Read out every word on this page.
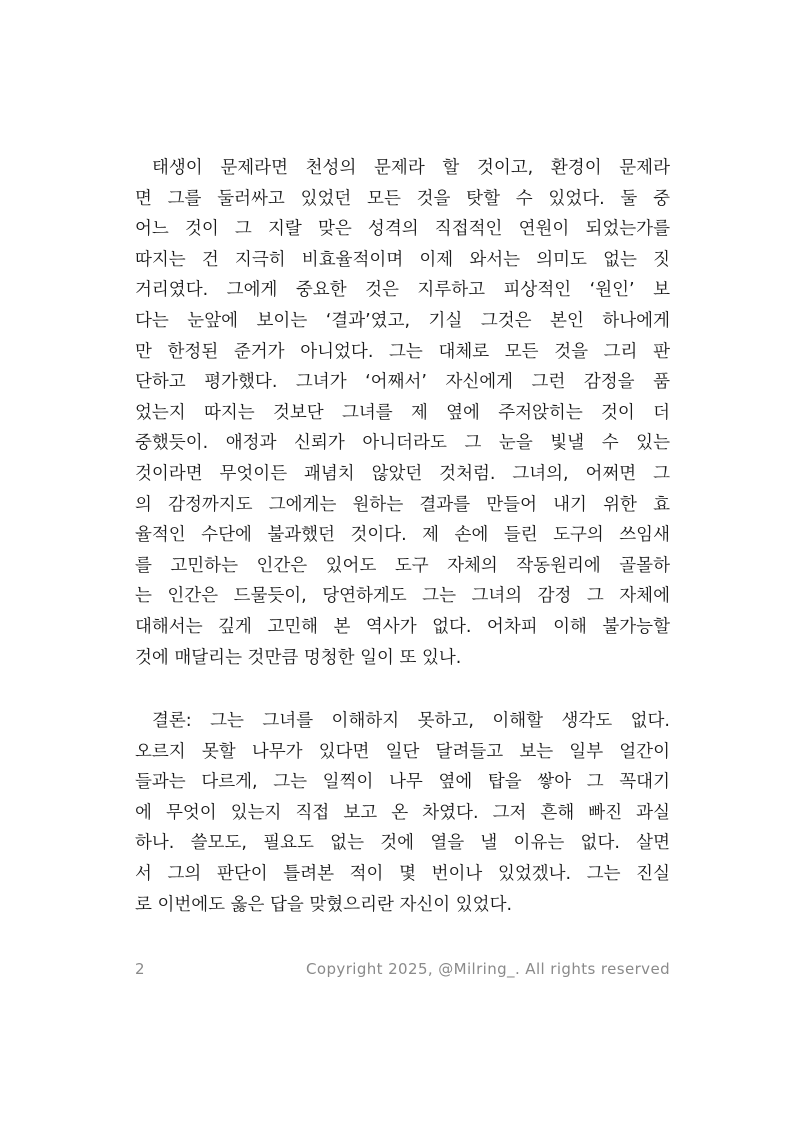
태생이 문제라면 천성의 문제라 할 것이고, 환경이 문제라
면 그를 둘러싸고 있었던 모든 것을 탓할 수 있었다. 둘 중
어느 것이 그 지랄 맞은 성격의 직접적인 연원이 되었는가를
따지는 건 지극히 비효율적이며 이제 와서는 의미도 없는 짓
거리였다. 그에게 중요한 것은 지루하고 피상적인 ‘원인’ 보
다는 눈앞에 보이는 ‘결과’였고, 기실 그것은 본인 하나에게
만 한정된 준거가 아니었다. 그는 대체로 모든 것을 그리 판
단하고 평가했다. 그녀가 ‘어째서’ 자신에게 그런 감정을 품
었는지 따지는 것보단 그녀를 제 옆에 주저앉히는 것이 더
중했듯이. 애정과 신뢰가 아니더라도 그 눈을 빛낼 수 있는
것이라면 무엇이든 괘념치 않았던 것처럼. 그녀의, 어쩌면 그
의 감정까지도 그에게는 원하는 결과를 만들어 내기 위한 효
율적인 수단에 불과했던 것이다. 제 손에 들린 도구의 쓰임새
를 고민하는 인간은 있어도 도구 자체의 작동원리에 골몰하
는 인간은 드물듯이, 당연하게도 그는 그녀의 감정 그 자체에
대해서는 깊게 고민해 본 역사가 없다. 어차피 이해 불가능할
것에 매달리는 것만큼 멍청한 일이 또 있나.
결론: 그는 그녀를 이해하지 못하고, 이해할 생각도 없다.
오르지 못할 나무가 있다면 일단 달려들고 보는 일부 얼간이
들과는 다르게, 그는 일찍이 나무 옆에 탑을 쌓아 그 꼭대기
에 무엇이 있는지 직접 보고 온 차였다. 그저 흔해 빠진 과실
하나. 쓸모도, 필요도 없는 것에 열을 낼 이유는 없다. 살면
서 그의 판단이 틀려본 적이 몇 번이나 있었겠나. 그는 진실
로 이번에도 옳은 답을 맞혔으리란 자신이 있었다.
2	Copyright 2025, @Milring_. All rights reserved
